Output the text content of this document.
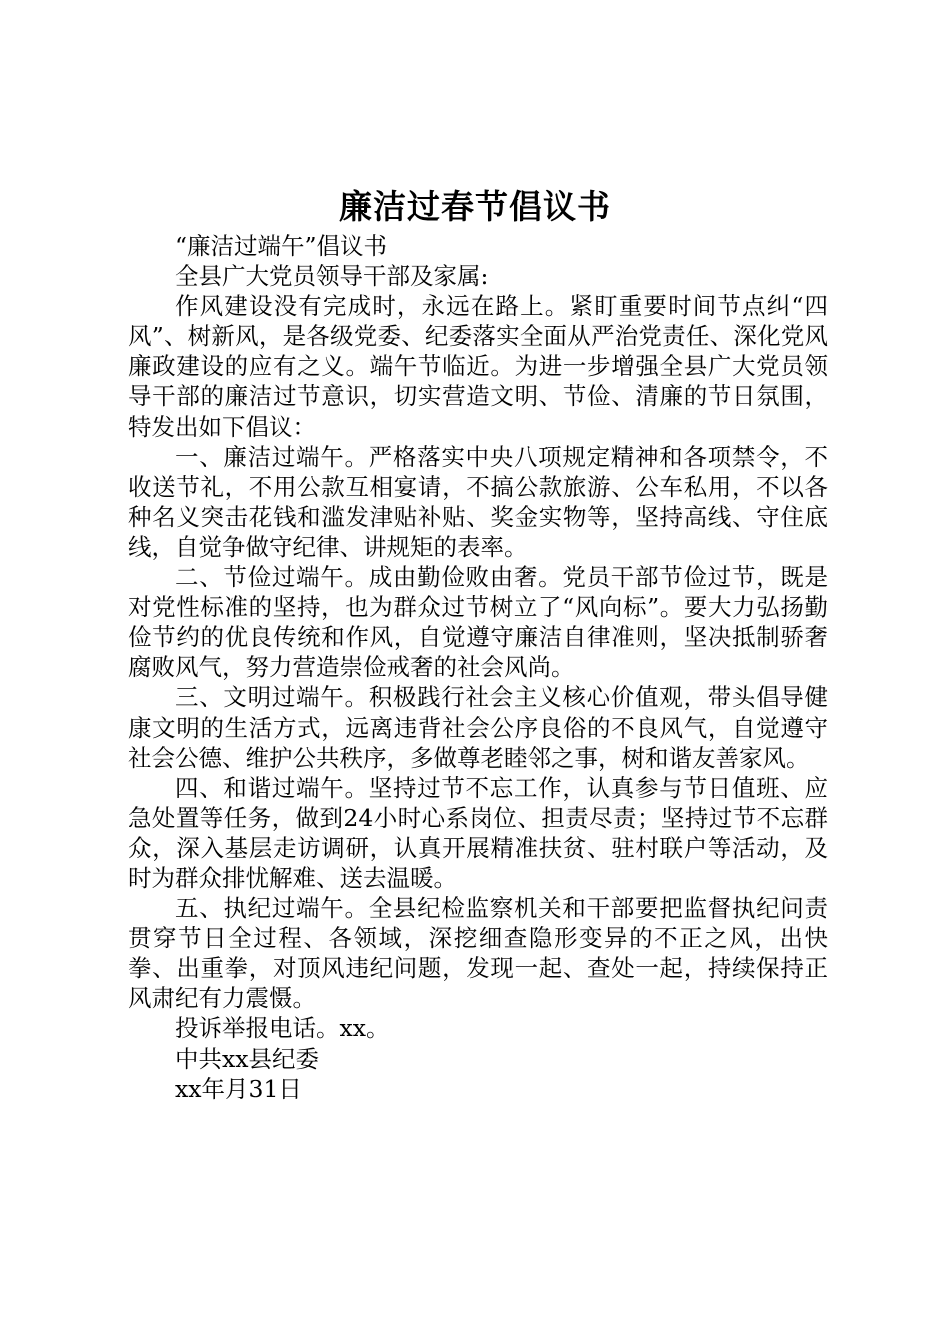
廉洁过春节倡议书

“廉洁过端午”倡议书

全县广大党员领导干部及家属:

作风建设没有完成时，永远在路上。紧盯重要时间节点纠“四风”、树新风，是各级党委、纪委落实全面从严治党责任、深化党风廉政建设的应有之义。端午节临近。为进一步增强全县广大党员领导干部的廉洁过节意识，切实营造文明、节俭、清廉的节日氛围，特发出如下倡议：

一、廉洁过端午。严格落实中央八项规定精神和各项禁令，不收送节礼，不用公款互相宴请，不搞公款旅游、公车私用，不以各种名义突击花钱和滥发津贴补贴、奖金实物等，坚持高线、守住底线，自觉争做守纪律、讲规矩的表率。

二、节俭过端午。成由勤俭败由奢。党员干部节俭过节，既是对党性标准的坚持，也为群众过节树立了“风向标”。要大力弘扬勤俭节约的优良传统和作风，自觉遵守廉洁自律准则，坚决抵制骄奢腐败风气，努力营造崇俭戒奢的社会风尚。

三、文明过端午。积极践行社会主义核心价值观，带头倡导健康文明的生活方式，远离违背社会公序良俗的不良风气，自觉遵守社会公德、维护公共秩序，多做尊老睦邻之事，树和谐友善家风。

四、和谐过端午。坚持过节不忘工作，认真参与节日值班、应急处置等任务，做到24小时心系岗位、担责尽责；坚持过节不忘群众，深入基层走访调研，认真开展精准扶贫、驻村联户等活动，及时为群众排忧解难、送去温暖。

五、执纪过端午。全县纪检监察机关和干部要把监督执纪问责贯穿节日全过程、各领域，深挖细查隐形变异的不正之风，出快拳、出重拳，对顶风违纪问题，发现一起、查处一起，持续保持正风肃纪有力震慑。

投诉举报电话。xx。

中共xx县纪委

xx年月31日
